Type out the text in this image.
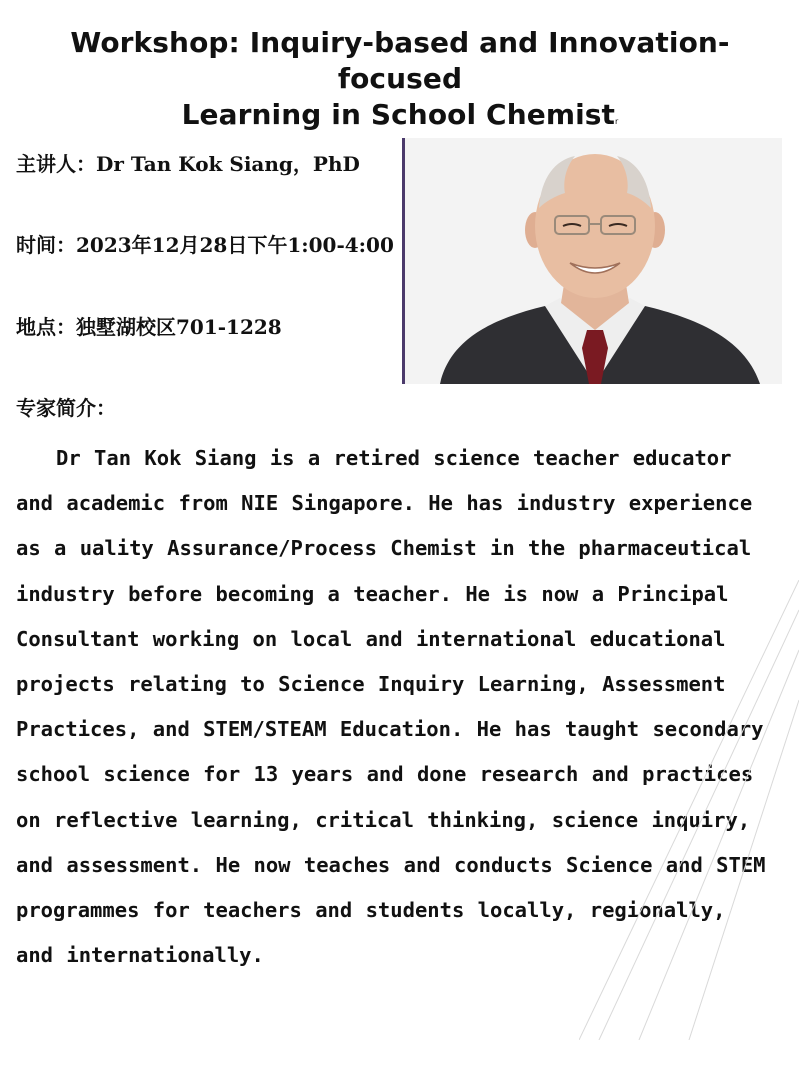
Workshop: Inquiry-based and Innovation-focused
Learning in School Chemistr
主讲人：Dr Tan Kok Siang，PhD
时间：2023年12月28日下午1:00-4:00
地点：独墅湖校区701-1228
专家简介：
Dr Tan Kok Siang is a retired science teacher educator
and academic from NIE Singapore. He has industry experience
as a uality Assurance/Process Chemist in the pharmaceutical
industry before becoming a teacher. He is now a Principal
Consultant working on local and international educational
projects relating to Science Inquiry Learning, Assessment
Practices, and STEM/STEAM Education. He has taught secondary
school science for 13 years and done research and practices
on reflective learning, critical thinking, science inquiry,
and assessment. He now teaches and conducts Science and STEM
programmes for teachers and students locally, regionally,
and internationally.
